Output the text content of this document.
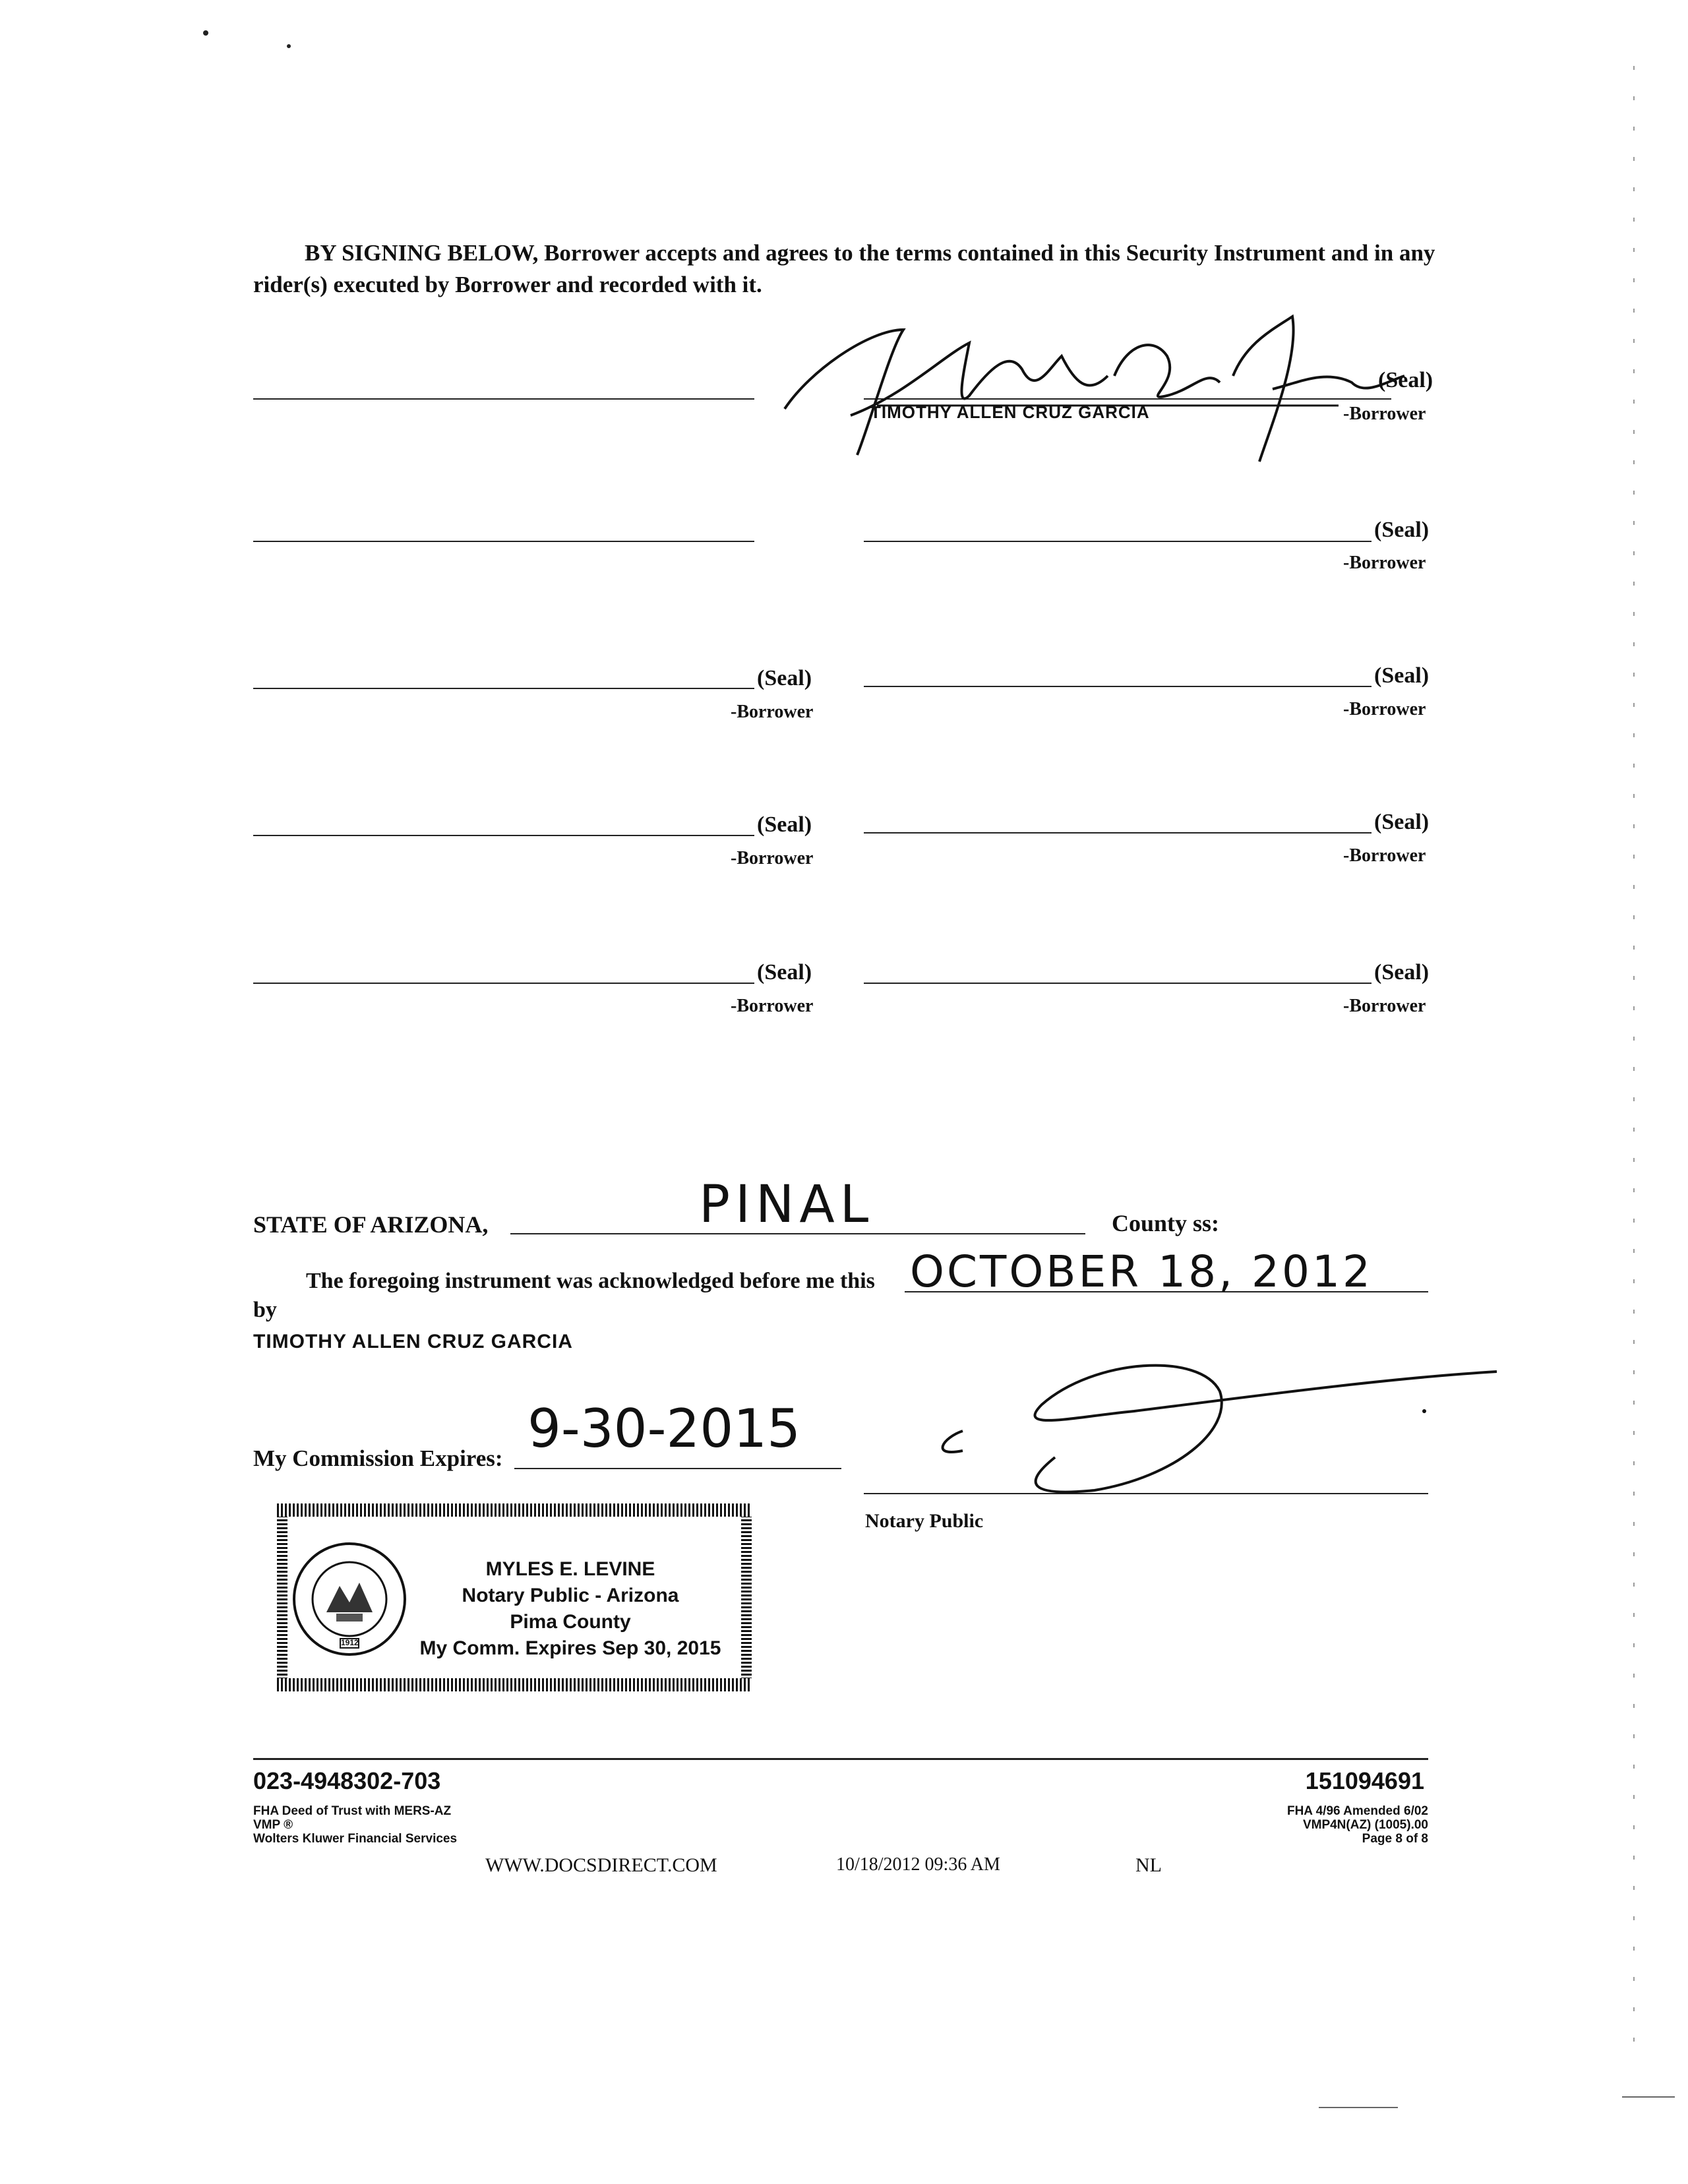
BY SIGNING BELOW, Borrower accepts and agrees to the terms contained in this Security Instrument and in any rider(s) executed by Borrower and recorded with it.
(Seal)
-Borrower
TIMOTHY ALLEN CRUZ GARCIA
(Seal)
-Borrower
(Seal)
-Borrower
(Seal)
-Borrower
(Seal)
-Borrower
(Seal)
-Borrower
(Seal)
-Borrower
(Seal)
-Borrower
STATE OF ARIZONA,	PINAL	County ss:
The foregoing instrument was acknowledged before me this OCTOBER 18, 2012
by
TIMOTHY ALLEN CRUZ GARCIA
My Commission Expires: 9-30-2015
Notary Public
1912
MYLES E. LEVINE
Notary Public - Arizona
Pima County
My Comm. Expires Sep 30, 2015
023-4948302-703	151094691
FHA Deed of Trust with MERS-AZ
VMP ®
Wolters Kluwer Financial Services
FHA 4/96 Amended 6/02
VMP4N(AZ) (1005).00
Page 8 of 8
WWW.DOCSDIRECT.COM	10/18/2012 09:36 AM	NL
